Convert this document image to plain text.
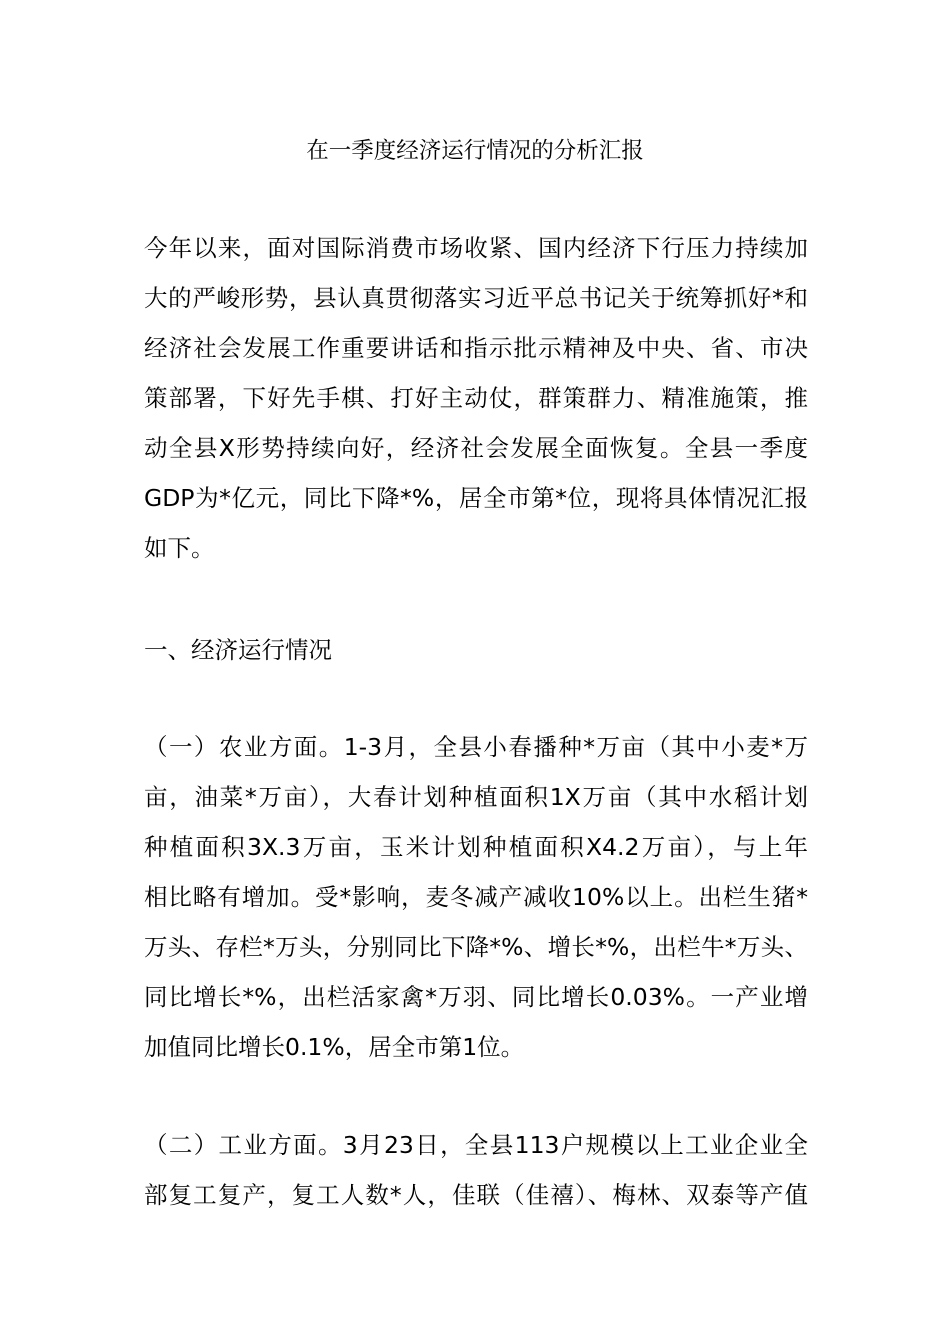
在一季度经济运行情况的分析汇报
今年以来，面对国际消费市场收紧、国内经济下行压力持续加
大的严峻形势，县认真贯彻落实习近平总书记关于统筹抓好*和
经济社会发展工作重要讲话和指示批示精神及中央、省、市决
策部署，下好先手棋、打好主动仗，群策群力、精准施策，推
动全县X形势持续向好，经济社会发展全面恢复。全县一季度
GDP为*亿元，同比下降*%，居全市第*位，现将具体情况汇报
如下。
一、经济运行情况
（一）农业方面。1-3月，全县小春播种*万亩（其中小麦*万
亩，油菜*万亩），大春计划种植面积1X万亩（其中水稻计划
种植面积3X.3万亩，玉米计划种植面积X4.2万亩），与上年
相比略有增加。受*影响，麦冬减产减收10%以上。出栏生猪*
万头、存栏*万头，分别同比下降*%、增长*%，出栏牛*万头、
同比增长*%，出栏活家禽*万羽、同比增长0.03%。一产业增
加值同比增长0.1%，居全市第1位。
（二）工业方面。3月23日，全县113户规模以上工业企业全
部复工复产，复工人数*人，佳联（佳禧）、梅林、双泰等产值
